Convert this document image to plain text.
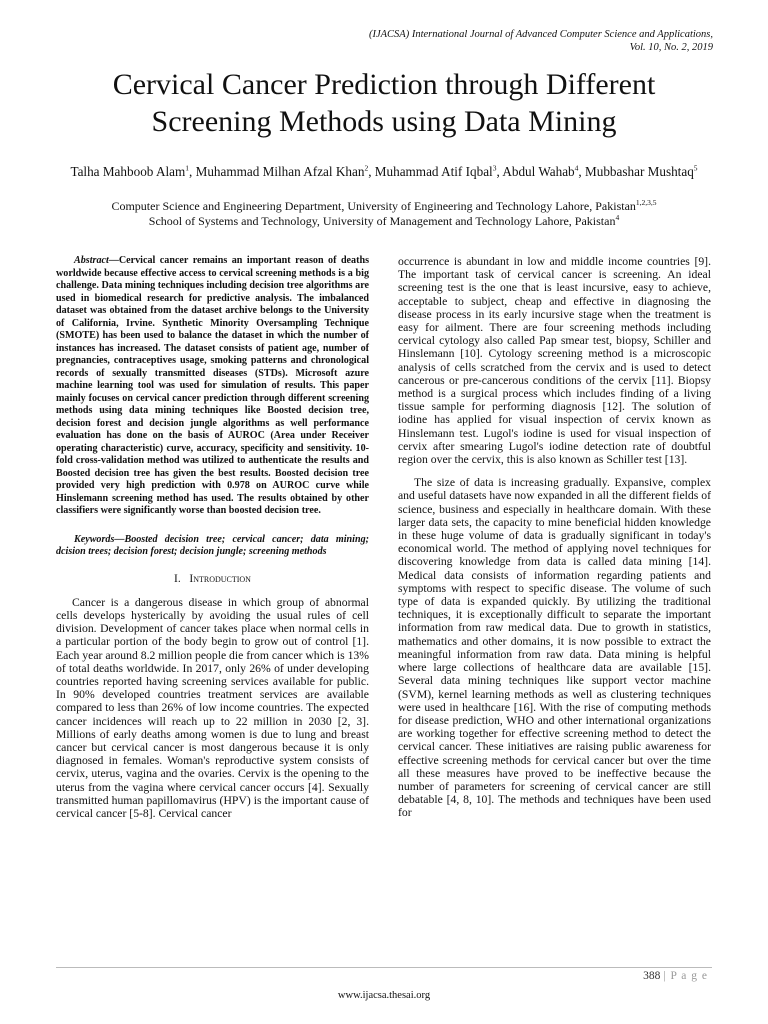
(IJACSA) International Journal of Advanced Computer Science and Applications,
Vol. 10, No. 2, 2019
Cervical Cancer Prediction through Different
Screening Methods using Data Mining
Talha Mahboob Alam$^1$, Muhammad Milhan Afzal Khan$^2$, Muhammad Atif Iqbal$^3$, Abdul Wahab$^4$, Mubbashar Mushtaq$^5$
Computer Science and Engineering Department, University of Engineering and Technology Lahore, Pakistan$^{1,2,3,5}$
School of Systems and Technology, University of Management and Technology Lahore, Pakistan$^4$

Abstract—Cervical cancer remains an important reason of deaths worldwide because effective access to cervical screening methods is a big challenge. Data mining techniques including decision tree algorithms are used in biomedical research for predictive analysis. The imbalanced dataset was obtained from the dataset archive belongs to the University of California, Irvine. Synthetic Minority Oversampling Technique (SMOTE) has been used to balance the dataset in which the number of instances has increased. The dataset consists of patient age, number of pregnancies, contraceptives usage, smoking patterns and chronological records of sexually transmitted diseases (STDs). Microsoft azure machine learning tool was used for simulation of results. This paper mainly focuses on cervical cancer prediction through different screening methods using data mining techniques like Boosted decision tree, decision forest and decision jungle algorithms as well performance evaluation has done on the basis of AUROC (Area under Receiver operating characteristic) curve, accuracy, specificity and sensitivity. 10-fold cross-validation method was utilized to authenticate the results and Boosted decision tree has given the best results. Boosted decision tree provided very high prediction with 0.978 on AUROC curve while Hinslemann screening method has used. The results obtained by other classifiers were significantly worse than boosted decision tree.

Keywords—Boosted decision tree; cervical cancer; data mining; dcision trees; decision forest; decision jungle; screening methods

I. Introduction

Cancer is a dangerous disease in which group of abnormal cells develops hysterically by avoiding the usual rules of cell division. Development of cancer takes place when normal cells in a particular portion of the body begin to grow out of control [1]. Each year around 8.2 million people die from cancer which is 13% of total deaths worldwide. In 2017, only 26% of under developing countries reported having screening services available for public. In 90% developed countries treatment services are available compared to less than 26% of low income countries. The expected cancer incidences will reach up to 22 million in 2030 [2, 3]. Millions of early deaths among women is due to lung and breast cancer but cervical cancer is most dangerous because it is only diagnosed in females. Woman's reproductive system consists of cervix, uterus, vagina and the ovaries. Cervix is the opening to the uterus from the vagina where cervical cancer occurs [4]. Sexually transmitted human papillomavirus (HPV) is the important cause of cervical cancer [5-8]. Cervical cancer

occurrence is abundant in low and middle income countries [9]. The important task of cervical cancer is screening. An ideal screening test is the one that is least incursive, easy to achieve, acceptable to subject, cheap and effective in diagnosing the disease process in its early incursive stage when the treatment is easy for ailment. There are four screening methods including cervical cytology also called Pap smear test, biopsy, Schiller and Hinslemann [10]. Cytology screening method is a microscopic analysis of cells scratched from the cervix and is used to detect cancerous or pre-cancerous conditions of the cervix [11]. Biopsy method is a surgical process which includes finding of a living tissue sample for performing diagnosis [12]. The solution of iodine has applied for visual inspection of cervix known as Hinslemann test. Lugol's iodine is used for visual inspection of cervix after smearing Lugol's iodine detection rate of doubtful region over the cervix, this is also known as Schiller test [13].

The size of data is increasing gradually. Expansive, complex and useful datasets have now expanded in all the different fields of science, business and especially in healthcare domain. With these larger data sets, the capacity to mine beneficial hidden knowledge in these huge volume of data is gradually significant in today's economical world. The method of applying novel techniques for discovering knowledge from data is called data mining [14]. Medical data consists of information regarding patients and symptoms with respect to specific disease. The volume of such type of data is expanded quickly. By utilizing the traditional techniques, it is exceptionally difficult to separate the important information from raw medical data. Due to growth in statistics, mathematics and other domains, it is now possible to extract the meaningful information from raw data. Data mining is helpful where large collections of healthcare data are available [15]. Several data mining techniques like support vector machine (SVM), kernel learning methods as well as clustering techniques were used in healthcare [16]. With the rise of computing methods for disease prediction, WHO and other international organizations are working together for effective screening method to detect the cervical cancer. These initiatives are raising public awareness for effective screening methods for cervical cancer but over the time all these measures have proved to be ineffective because the number of parameters for screening of cervical cancer are still debatable [4, 8, 10]. The methods and techniques have been used for

388 | P a g e
www.ijacsa.thesai.org
